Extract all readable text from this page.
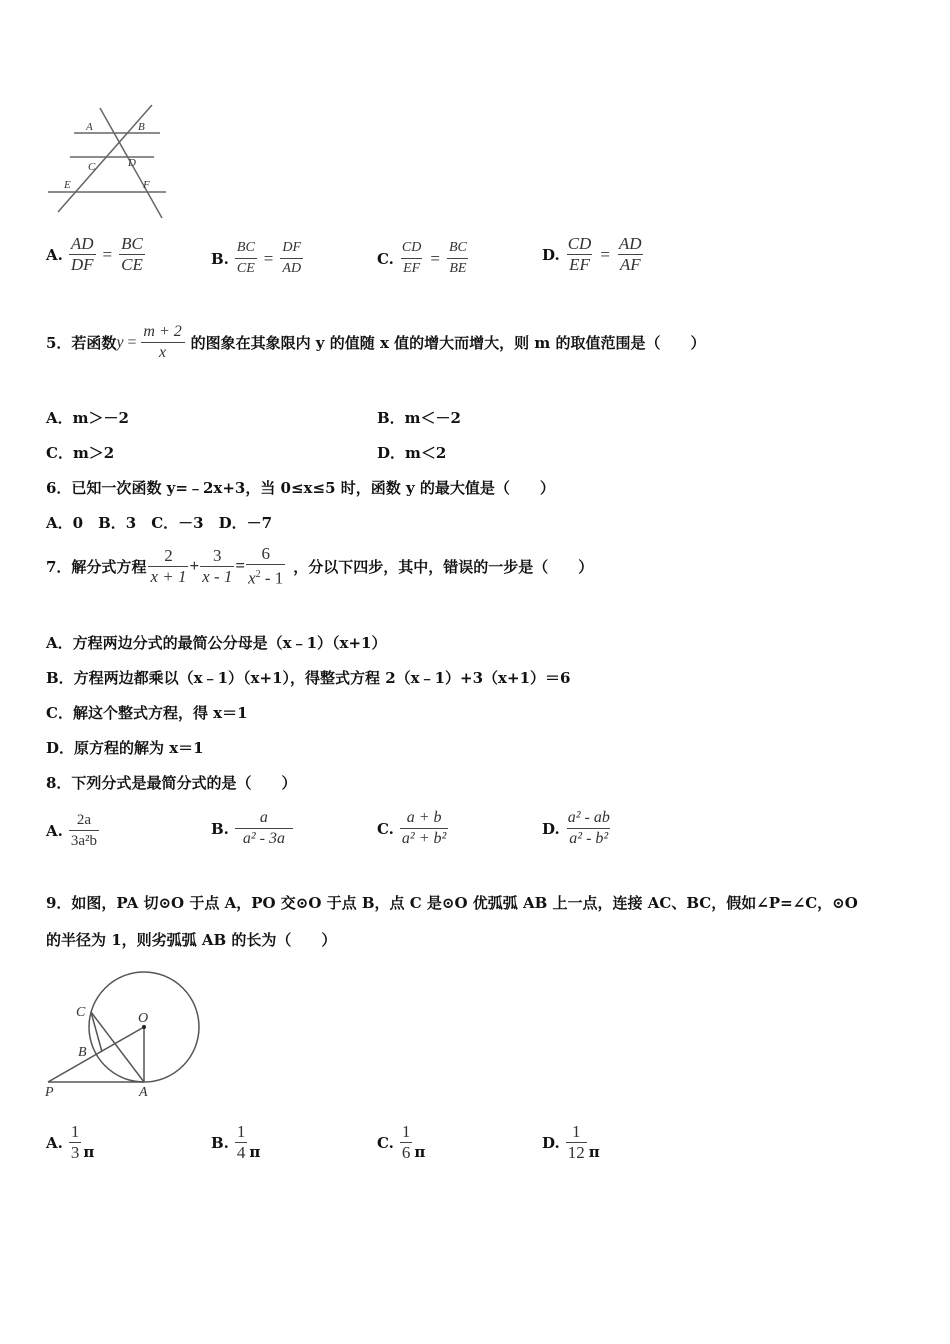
A	B
C	D
E	F
A. $\frac{AD}{DF} = \frac{BC}{CE}$	B. $\frac{BC}{CE} = \frac{DF}{AD}$	C. $\frac{CD}{EF} = \frac{BC}{BE}$	D. $\frac{CD}{EF} = \frac{AD}{AF}$
5．若函数 $y = \frac{m + 2}{x}$ 的图象在其象限内 y 的值随 x 值的增大而增大，则 m 的取值范围是（　　）
A．m＞－2	B．m＜－2
C．m＞2	D．m＜2
6．已知一次函数 y=﹣2x+3，当 0≤x≤5 时，函数 y 的最大值是（　　）
A．0　B．3　C．－3　D．－7
7．解分式方程 $\frac{2}{x + 1} + \frac{3}{x - 1} = \frac{6}{x^2 - 1}$ ，分以下四步，其中，错误的一步是（　　）
A．方程两边分式的最简公分母是（x﹣1）（x+1）
B．方程两边都乘以（x﹣1）（x+1），得整式方程 2（x﹣1）+3（x+1）＝6
C．解这个整式方程，得 x＝1
D．原方程的解为 x＝1
8．下列分式是最简分式的是（　　）
A. $\frac{2a}{\text{3a²b}}$	B. $\frac{a}{\text{a² - 3a}}$	C. $\frac{a + b}{\text{a² + b²}}$	D. $\frac{\text{a² - ab}}{\text{a² - b²}}$
9．如图，PA 切⊙O 于点 A，PO 交⊙O 于点 B，点 C 是⊙O 优弧弧 AB 上一点，连接 AC、BC，假如∠P=∠C，⊙O
的半径为 1，则劣弧弧 AB 的长为（　　）
C	O
B
P	A
A. $\frac{1}{3}$ π	B. $\frac{1}{4}$ π	C. $\frac{1}{6}$ π	D. $\frac{1}{12}$ π
